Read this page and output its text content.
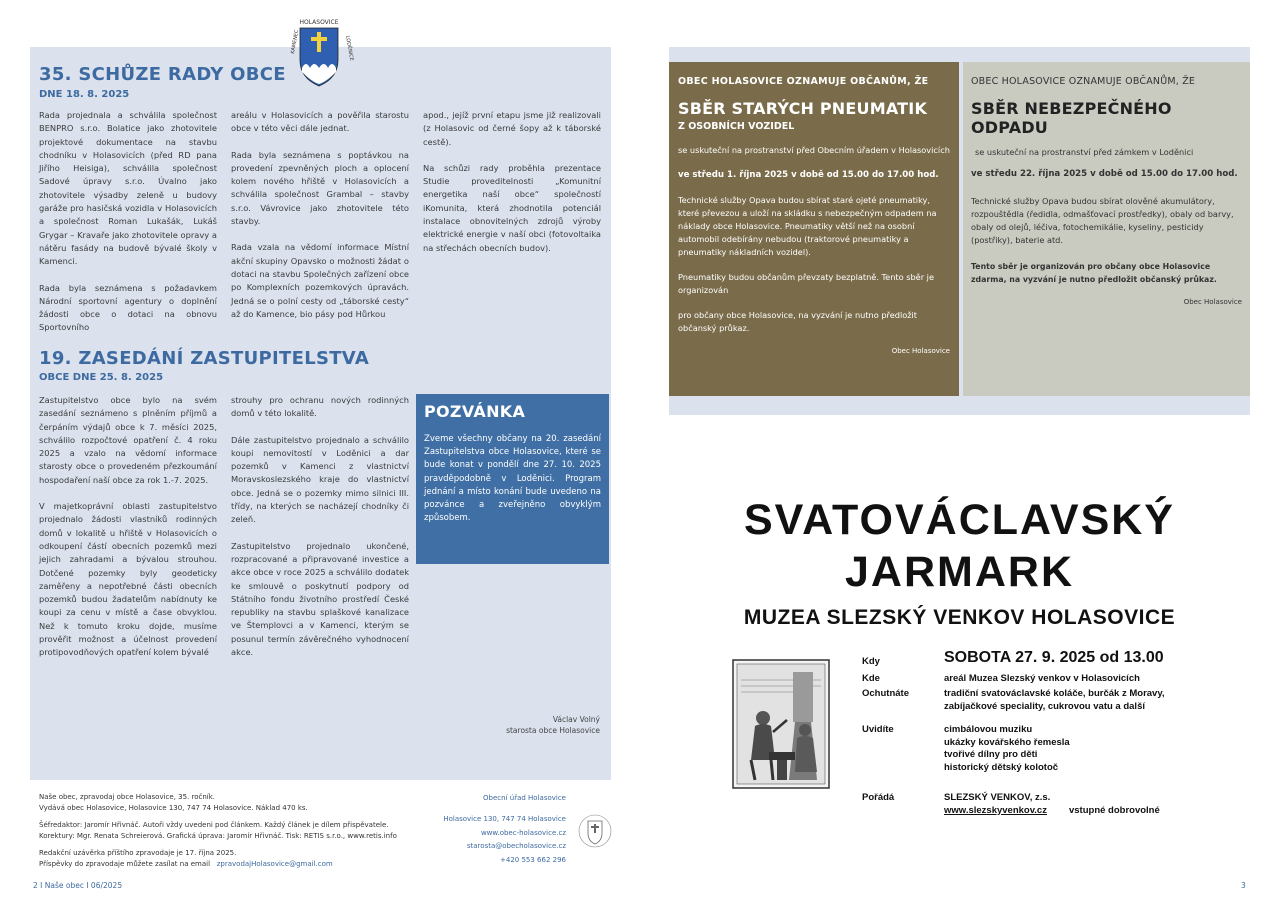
HOLASOVICE
KAMENEC	LODĚNICE
35. SCHŮZE RADY OBCE
DNE 18. 8. 2025

Rada projednala a schválila společnost BENPRO s.r.o. Bolatice jako zhotovitele projektové dokumentace na stavbu chodníku v Holasovicích (před RD pana Jiřího Heisiga), schválila společnost Sadové úpravy s.r.o. Úvalno jako zhotovitele výsadby zeleně u budovy garáže pro hasičská vozidla v Holasovicích a společnost Roman Lukašák, Lukáš Grygar – Kravaře jako zhotovitele opravy a nátěru fasády na budově bývalé školy v Kamenci.

Rada byla seznámena s požadavkem Národní sportovní agentury o doplnění žádosti obce o dotaci na obnovu Sportovního

areálu v Holasovicích a pověřila starostu obce v této věci dále jednat.

Rada byla seznámena s poptávkou na provedení zpevněných ploch a oplocení kolem nového hřiště v Holasovicích a schválila společnost Grambal – stavby s.r.o. Vávrovice jako zhotovitele této stavby.

Rada vzala na vědomí informace Místní akční skupiny Opavsko o možnosti žádat o dotaci na stavbu Společných zařízení obce po Komplexních pozemkových úpravách. Jedná se o polní cesty od „táborské cesty“ až do Kamence, bio pásy pod Hůrkou

apod., jejíž první etapu jsme již realizovali (z Holasovic od černé šopy až k táborské cestě).

Na schůzi rady proběhla prezentace Studie proveditelnosti „Komunitní energetika naší obce“ společností iKomunita, která zhodnotila potenciál instalace obnovitelných zdrojů výroby elektrické energie v naší obci (fotovoltaika na střechách obecních budov).

19. ZASEDÁNÍ ZASTUPITELSTVA
OBCE DNE 25. 8. 2025

Zastupitelstvo obce bylo na svém zasedání seznámeno s plněním příjmů a čerpáním výdajů obce k 7. měsíci 2025, schválilo rozpočtové opatření č. 4 roku 2025 a vzalo na vědomí informace starosty obce o provedeném přezkoumání hospodaření naší obce za rok 1.-7. 2025.

V majetkoprávní oblasti zastupitelstvo projednalo žádosti vlastníků rodinných domů v lokalitě u hřiště v Holasovicích o odkoupení částí obecních pozemků mezi jejich zahradami a bývalou strouhou. Dotčené pozemky byly geodeticky zaměřeny a nepotřebné části obecních pozemků budou žadatelům nabídnuty ke koupi za cenu v místě a čase obvyklou. Než k tomuto kroku dojde, musíme prověřit možnost a účelnost provedení protipovodňových opatření kolem bývalé

strouhy pro ochranu nových rodinných domů v této lokalitě.

Dále zastupitelstvo projednalo a schválilo koupi nemovitostí v Loděnici a dar pozemků v Kamenci z vlastnictví Moravskoslezského kraje do vlastnictví obce. Jedná se o pozemky mimo silnici III. třídy, na kterých se nacházejí chodníky či zeleň.

Zastupitelstvo projednalo ukončené, rozpracované a připravované investice a akce obce v roce 2025 a schválilo dodatek ke smlouvě o poskytnutí podpory od Státního fondu životního prostředí České republiky na stavbu splaškové kanalizace ve Štemplovci a v Kamenci, kterým se posunul termín závěrečného vyhodnocení akce.

POZVÁNKA

Zveme všechny občany na 20. zasedání Zastupitelstva obce Holasovice, které se bude konat v pondělí dne 27. 10. 2025 pravděpodobně v Loděnici. Program jednání a místo konání bude uvedeno na pozvánce a zveřejněno obvyklým způsobem.

Václav Volný
starosta obce Holasovice
Naše obec, zpravodaj obce Holasovice, 35. ročník.
Vydává obec Holasovice, Holasovice 130, 747 74 Holasovice. Náklad 470 ks.
Šéfredaktor: Jaromír Hřivnáč. Autoři vždy uvedeni pod článkem. Každý článek je dílem přispěvatele.
Korektury: Mgr. Renata Schreierová. Grafická úprava: Jaromír Hřivnáč. Tisk: RETIS s.r.o., www.retis.info
Redakční uzávěrka příštího zpravodaje je 17. října 2025.
Příspěvky do zpravodaje můžete zasílat na email zpravodajHolasovice@gmail.com
Obecní úřad Holasovice
Holasovice 130, 747 74 Holasovice
www.obec-holasovice.cz
starosta@obecholasovice.cz
+420 553 662 296
2 I Naše obec I 06/2025
OBEC HOLASOVICE OZNAMUJE OBČANŮM, ŽE
SBĚR STARÝCH PNEUMATIK
Z OSOBNÍCH VOZIDEL

se uskuteční na prostranství před Obecním úřadem v Holasovicích

ve středu 1. října 2025 v době od 15.00 do 17.00 hod.

Technické služby Opava budou sbírat staré ojeté pneumatiky, které převezou a uloží na skládku s nebezpečným odpadem na náklady obce Holasovice. Pneumatiky větší než na osobní automobil odebírány nebudou (traktorové pneumatiky a pneumatiky nákladních vozidel).

Pneumatiky budou občanům převzaty bezplatně. Tento sběr je organizován

pro občany obce Holasovice, na vyzvání je nutno předložit občanský průkaz.

Obec Holasovice
OBEC HOLASOVICE OZNAMUJE OBČANŮM, ŽE
SBĚR NEBEZPEČNÉHO ODPADU

se uskuteční na prostranství před zámkem v Loděnici

ve středu 22. října 2025 v době od 15.00 do 17.00 hod.

Technické služby Opava budou sbírat olověné akumulátory, rozpouštědla (ředidla, odmašťovací prostředky), obaly od barvy, obaly od olejů, léčiva, fotochemikálie, kyseliny, pesticidy (postřiky), baterie atd.

Tento sběr je organizován pro občany obce Holasovice zdarma, na vyzvání je nutno předložit občanský průkaz.

Obec Holasovice
SVATOVÁCLAVSKÝ
JARMARK
MUZEA SLEZSKÝ VENKOV HOLASOVICE
Kdy	SOBOTA 27. 9. 2025 od 13.00
Kde	areál Muzea Slezský venkov v Holasovicích
Ochutnáte	tradiční svatováclavské koláče, burčák z Moravy, zabíjačkové speciality, cukrovou vatu a další
Uvidíte	cimbálovou muziku
ukázky kovářského řemesla
tvořivé dílny pro děti
historický dětský kolotoč
Pořádá	SLEZSKÝ VENKOV, z.s.
www.slezskyvenkov.cz vstupné dobrovolné
3
